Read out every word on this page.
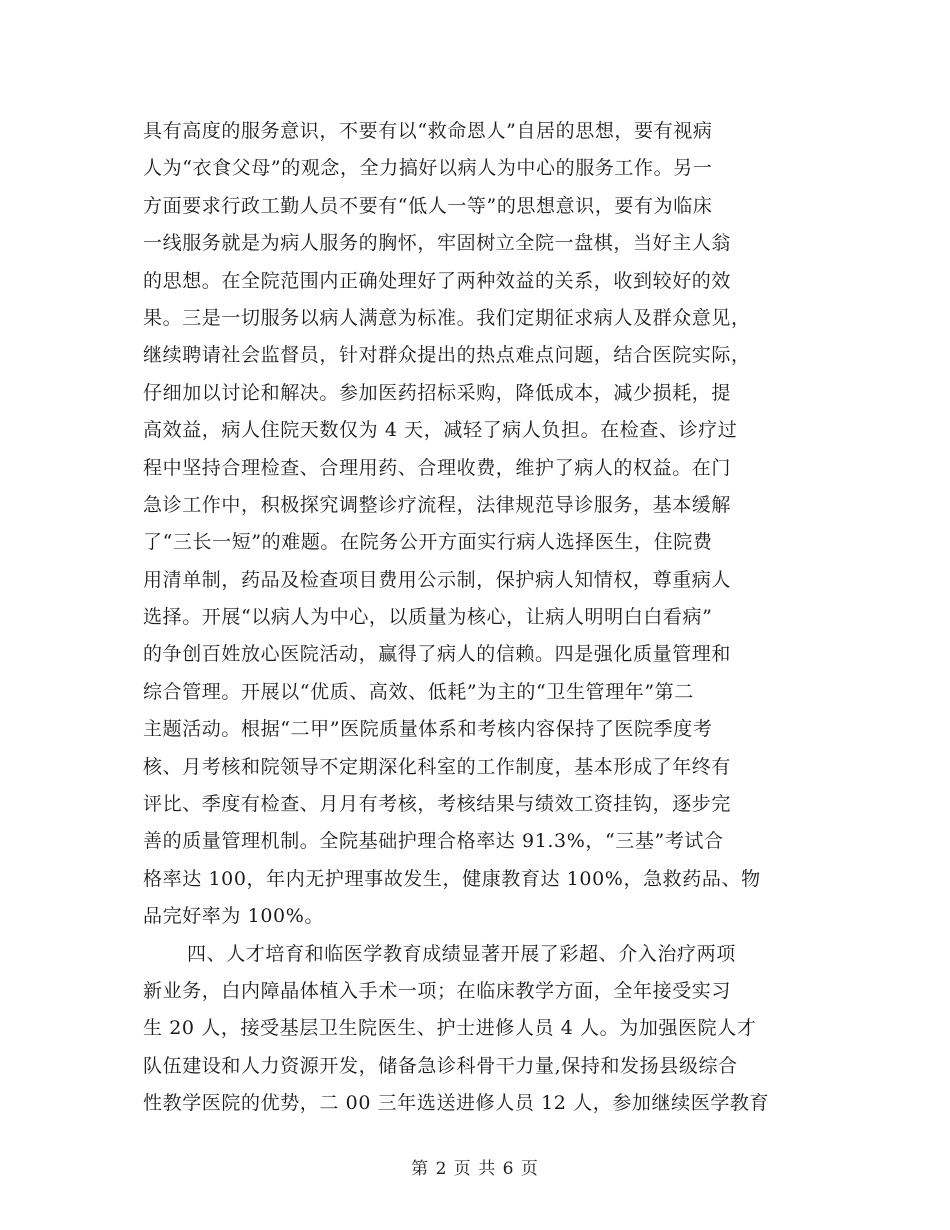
具有高度的服务意识，不要有以“救命恩人”自居的思想，要有视病
人为“衣食父母”的观念，全力搞好以病人为中心的服务工作。另一
方面要求行政工勤人员不要有“低人一等”的思想意识，要有为临床
一线服务就是为病人服务的胸怀，牢固树立全院一盘棋，当好主人翁
的思想。在全院范围内正确处理好了两种效益的关系，收到较好的效
果。三是一切服务以病人满意为标准。我们定期征求病人及群众意见，
继续聘请社会监督员，针对群众提出的热点难点问题，结合医院实际，
仔细加以讨论和解决。参加医药招标采购，降低成本，减少损耗，提
高效益，病人住院天数仅为 4 天，减轻了病人负担。在检查、诊疗过
程中坚持合理检查、合理用药、合理收费，维护了病人的权益。在门
急诊工作中，积极探究调整诊疗流程，法律规范导诊服务，基本缓解
了“三长一短”的难题。在院务公开方面实行病人选择医生，住院费
用清单制，药品及检查项目费用公示制，保护病人知情权，尊重病人
选择。开展“以病人为中心，以质量为核心，让病人明明白白看病”
的争创百姓放心医院活动，赢得了病人的信赖。四是强化质量管理和
综合管理。开展以“优质、高效、低耗”为主的“卫生管理年”第二
主题活动。根据“二甲”医院质量体系和考核内容保持了医院季度考
核、月考核和院领导不定期深化科室的工作制度，基本形成了年终有
评比、季度有检查、月月有考核，考核结果与绩效工资挂钩，逐步完
善的质量管理机制。全院基础护理合格率达 91.3%，“三基”考试合
格率达 100，年内无护理事故发生，健康教育达 100%，急救药品、物
品完好率为 100%。
四、人才培育和临医学教育成绩显著开展了彩超、介入治疗两项
新业务，白内障晶体植入手术一项；在临床教学方面，全年接受实习
生 20 人，接受基层卫生院医生、护士进修人员 4 人。为加强医院人才
队伍建设和人力资源开发，储备急诊科骨干力量,保持和发扬县级综合
性教学医院的优势，二 00 三年选送进修人员 12 人，参加继续医学教育
第 2 页 共 6 页
